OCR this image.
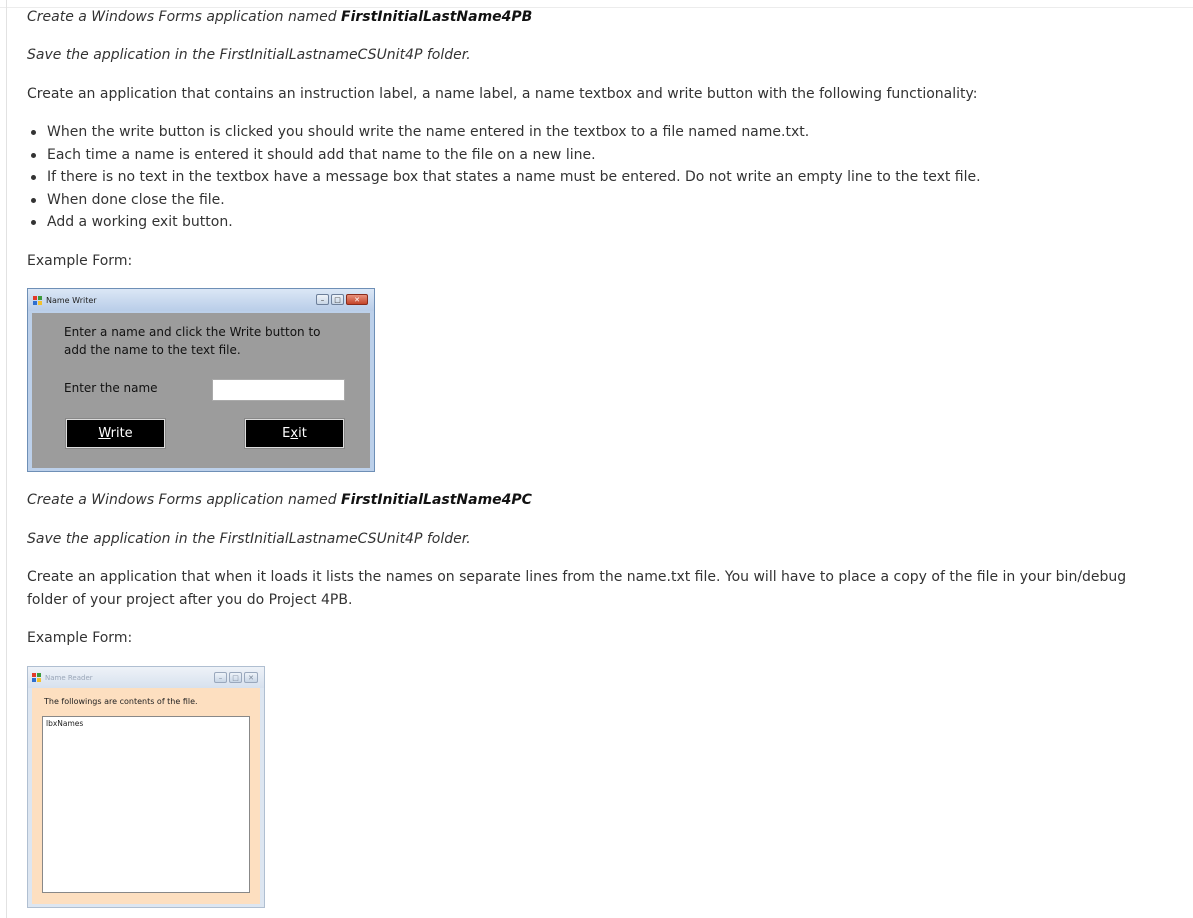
Create a Windows Forms application named FirstInitialLastName4PB

Save the application in the FirstInitialLastnameCSUnit4P folder.

Create an application that contains an instruction label, a name label, a name textbox and write button with the following functionality:

When the write button is clicked you should write the name entered in the textbox to a file named name.txt.
Each time a name is entered it should add that name to the file on a new line.
If there is no text in the textbox have a message box that states a name must be entered. Do not write an empty line to the text file.
When done close the file.
Add a working exit button.

Example Form:

Name Writer	–	□	✕
Enter a name and click the Write button to add the name to the text file.
Enter the name
Write	Exit

Create a Windows Forms application named FirstInitialLastName4PC

Save the application in the FirstInitialLastnameCSUnit4P folder.

Create an application that when it loads it lists the names on separate lines from the name.txt file. You will have to place a copy of the file in your bin/debug folder of your project after you do Project 4PB.

Example Form:

Name Reader	–	□	✕
The followings are contents of the file.
lbxNames
